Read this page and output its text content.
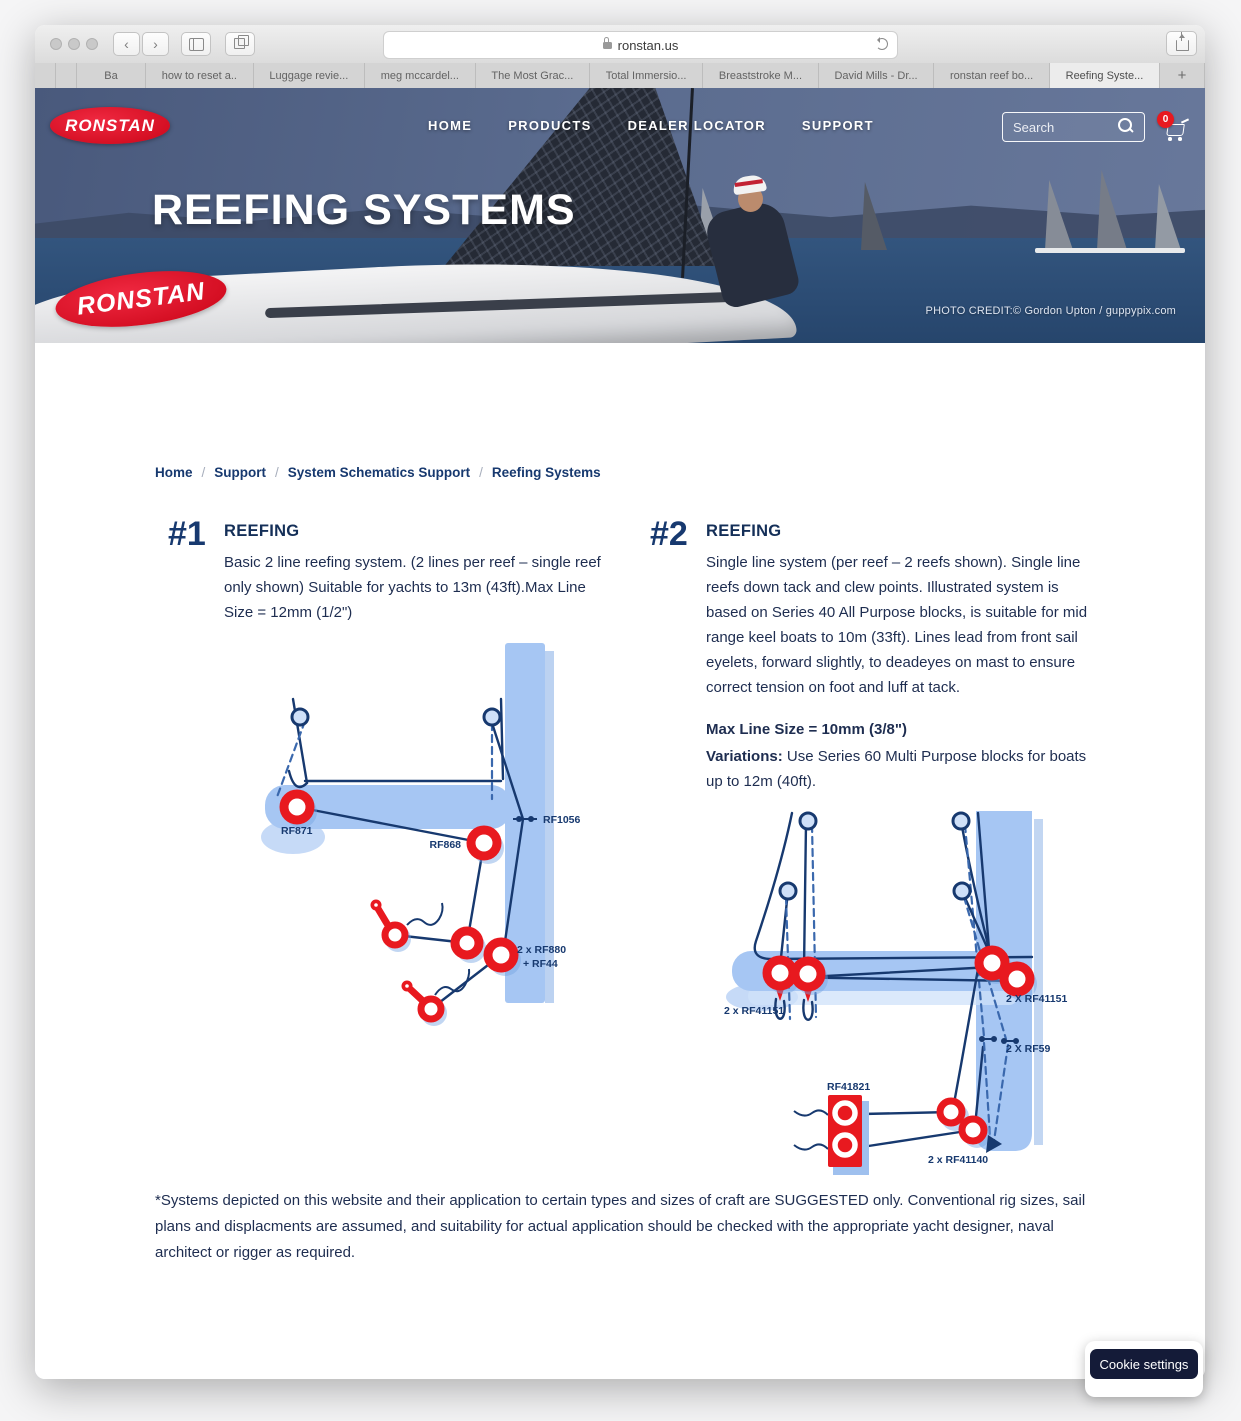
‹	›	ronstan.us
Ba	how to reset a..	Luggage revie...	meg mccardel...	The Most Grac...	Total Immersio...	Breaststroke M...	David Mills - Dr...	ronstan reef bo...	Reefing Syste...	+
RONSTAN
RONSTAN	HOME	PRODUCTS	DEALER LOCATOR	SUPPORT
Search	0
REEFING SYSTEMS
PHOTO CREDIT:© Gordon Upton / guppypix.com
Home / Support / System Schematics Support / Reefing Systems
#1 REEFING
Basic 2 line reefing system. (2 lines per reef – single reef only shown) Suitable for yachts to 13m (43ft).Max Line Size = 12mm (1/2")
#2 REEFING
Single line system (per reef – 2 reefs shown). Single line reefs down tack and clew points. Illustrated system is based on Series 40 All Purpose blocks, is suitable for mid range keel boats to 10m (33ft). Lines lead from front sail eyelets, forward slightly, to deadeyes on mast to ensure correct tension on foot and luff at tack.
Max Line Size = 10mm (3/8")
Variations: Use Series 60 Multi Purpose blocks for boats up to 12m (40ft).
RF871
RF868
RF1056
2 x RF880
+ RF44
2 x RF41151
2 X RF41151
2 X RF59
RF41821
2 x RF41140
*Systems depicted on this website and their application to certain types and sizes of craft are SUGGESTED only. Conventional rig sizes, sail plans and displacments are assumed, and suitability for actual application should be checked with the appropriate yacht designer, naval architect or rigger as required.
Cookie settings
